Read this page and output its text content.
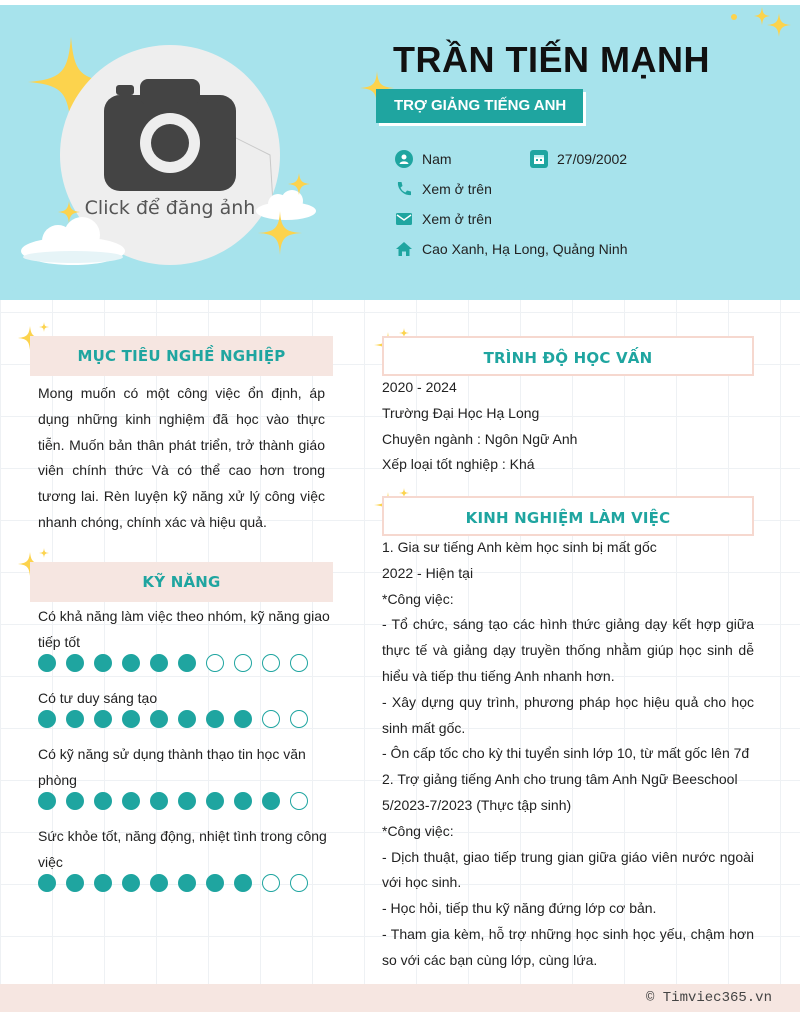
Click để đăng ảnh
TRẦN TIẾN MẠNH
TRỢ GIẢNG TIẾNG ANH
Nam	27/09/2002
Xem ở trên
Xem ở trên
Cao Xanh, Hạ Long, Quảng Ninh
MỤC TIÊU NGHỀ NGHIỆP
Mong muốn có một công việc ổn định, áp dụng những kinh nghiệm đã học vào thực tiễn. Muốn bản thân phát triển, trở thành giáo viên chính thức Và có thể cao hơn trong tương lai. Rèn luyện kỹ năng xử lý công việc nhanh chóng, chính xác và hiệu quả.
KỸ NĂNG
Có khả năng làm việc theo nhóm, kỹ năng giao tiếp tốt
Có tư duy sáng tạo
Có kỹ năng sử dụng thành thạo tin học văn phòng
Sức khỏe tốt, năng động, nhiệt tình trong công việc
TRÌNH ĐỘ HỌC VẤN

2020 - 2024

Trường Đại Học Hạ Long

Chuyên ngành : Ngôn Ngữ Anh

Xếp loại tốt nghiệp : Khá

KINH NGHIỆM LÀM VIỆC

1. Gia sư tiếng Anh kèm học sinh bị mất gốc

2022 - Hiện tại

*Công việc:

- Tổ chức, sáng tạo các hình thức giảng dạy kết hợp giữa thực tế và giảng dạy truyền thống nhằm giúp học sinh dễ hiểu và tiếp thu tiếng Anh nhanh hơn.

- Xây dựng quy trình, phương pháp học hiệu quả cho học sinh mất gốc.

- Ôn cấp tốc cho kỳ thi tuyển sinh lớp 10, từ mất gốc lên 7đ

2. Trợ giảng tiếng Anh cho trung tâm Anh Ngữ Beeschool

5/2023-7/2023 (Thực tập sinh)

*Công việc:

- Dịch thuật, giao tiếp trung gian giữa giáo viên nước ngoài với học sinh.

- Học hỏi, tiếp thu kỹ năng đứng lớp cơ bản.

- Tham gia kèm, hỗ trợ những học sinh học yếu, chậm hơn so với các bạn cùng lớp, cùng lứa.

© Timviec365.vn
